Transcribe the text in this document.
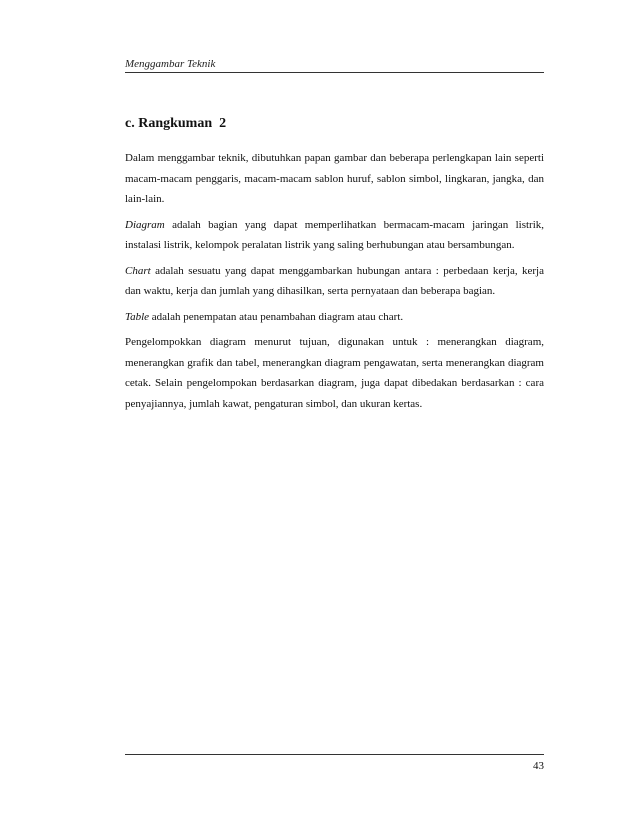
Menggambar Teknik
c. Rangkuman  2

Dalam menggambar teknik, dibutuhkan papan gambar dan beberapa perlengkapan lain seperti macam-macam penggaris, macam-macam sablon huruf, sablon simbol, lingkaran, jangka, dan lain-lain.

Diagram adalah bagian yang dapat memperlihatkan bermacam-macam jaringan listrik, instalasi listrik, kelompok peralatan listrik yang saling berhubungan atau bersambungan.

Chart adalah sesuatu yang dapat menggambarkan hubungan antara : perbedaan kerja, kerja dan waktu, kerja dan jumlah yang dihasilkan, serta pernyataan dan beberapa bagian.

Table adalah penempatan atau penambahan diagram atau chart.

Pengelompokkan diagram menurut tujuan, digunakan untuk : menerangkan diagram, menerangkan grafik dan tabel, menerangkan diagram pengawatan, serta menerangkan diagram cetak. Selain pengelompokan berdasarkan diagram, juga dapat dibedakan berdasarkan : cara penyajiannya, jumlah kawat, pengaturan simbol, dan ukuran kertas.

43
